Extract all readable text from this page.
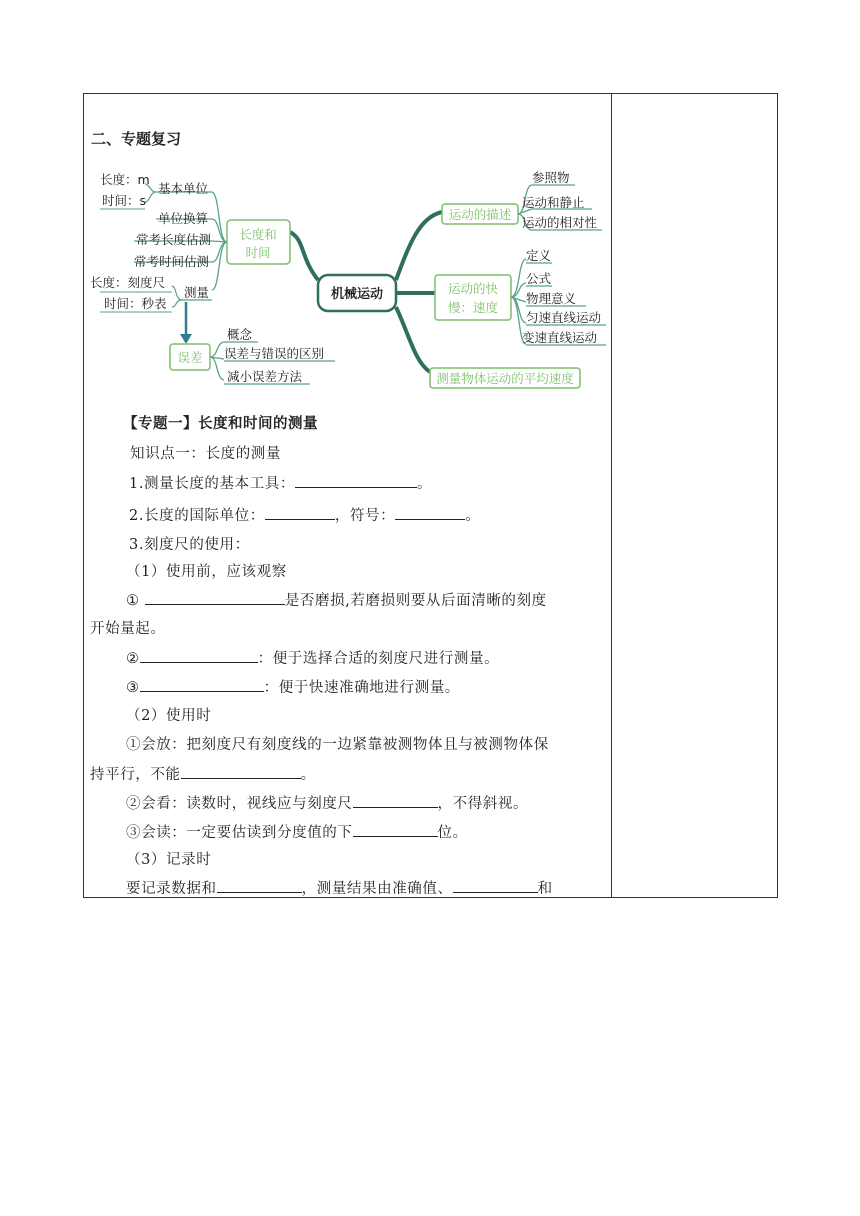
二、专题复习
机械运动
长度和
时间
长度：m
时间：s
基本单位
单位换算
常考长度估测
常考时间估测
长度：刻度尺
时间：秒表
测量
误差
概念
误差与错误的区别
减小误差方法
运动的描述
参照物
运动和静止
运动的相对性
运动的快
慢：速度
定义
公式
物理意义
匀速直线运动
变速直线运动
测量物体运动的平均速度
【专题一】长度和时间的测量
知识点一：长度的测量
1.测量长度的基本工具：	。
2.长度的国际单位：	，符号：	。
3.刻度尺的使用：
（1）使用前，应该观察
①	是否磨损,若磨损则要从后面清晰的刻度
开始量起。
②	：便于选择合适的刻度尺进行测量。
③	：便于快速准确地进行测量。
（2）使用时
①会放：把刻度尺有刻度线的一边紧靠被测物体且与被测物体保
持平行，不能	。
②会看：读数时，视线应与刻度尺	，不得斜视。
③会读：一定要估读到分度值的下	位。
（3）记录时
要记录数据和	，测量结果由准确值、	和
